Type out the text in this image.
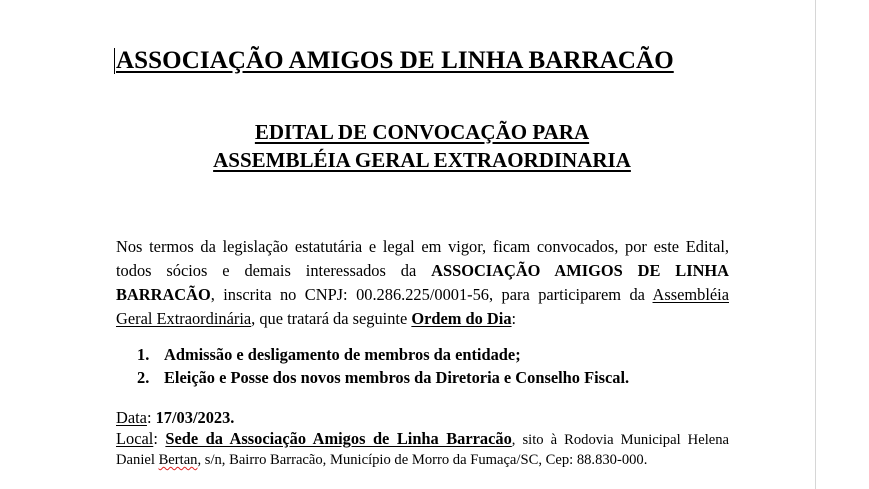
ASSOCIAÇÃO AMIGOS DE LINHA BARRACÃO
EDITAL DE CONVOCAÇÃO PARA
ASSEMBLÉIA GERAL EXTRAORDINARIA

Nos termos da legislação estatutária e legal em vigor, ficam convocados, por este Edital, todos sócios e demais interessados da ASSOCIAÇÃO AMIGOS DE LINHA BARRACÃO, inscrita no CNPJ: 00.286.225/0001-56, para participarem da Assembléia Geral Extraordinária, que tratará da seguinte Ordem do Dia:

1. Admissão e desligamento de membros da entidade;
2. Eleição e Posse dos novos membros da Diretoria e Conselho Fiscal.

Data: 17/03/2023.

Local: Sede da Associação Amigos de Linha Barracão, sito à Rodovia Municipal Helena Daniel Bertan, s/n, Bairro Barracão, Município de Morro da Fumaça/SC, Cep: 88.830-000.
